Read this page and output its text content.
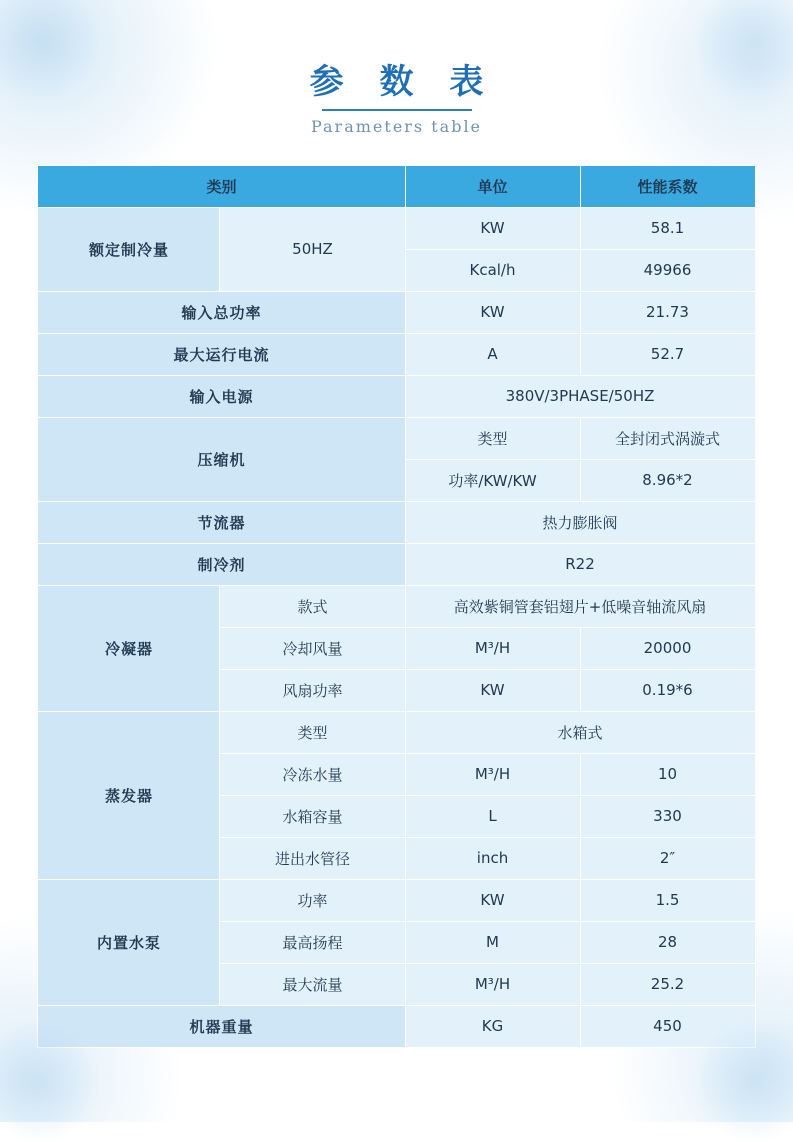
参 数 表
Parameters table
类别		单位	性能系数
额定制冷量	50HZ	KW	58.1
		Kcal/h	49966
输入总功率		KW	21.73
最大运行电流		A	52.7
输入电源		380V/3PHASE/50HZ	
压缩机		类型	全封闭式涡漩式
		功率/KW/KW	8.96*2
节流器		热力膨胀阀	
制冷剂		R22	
冷凝器	款式	高效紫铜管套铝翅片+低噪音轴流风扇	
	冷却风量	M³/H	20000
	风扇功率	KW	0.19*6
蒸发器	类型	水箱式	
	冷冻水量	M³/H	10
	水箱容量	L	330
	进出水管径	inch	2″
内置水泵	功率	KW	1.5
	最高扬程	M	28
	最大流量	M³/H	25.2
机器重量		KG	450
